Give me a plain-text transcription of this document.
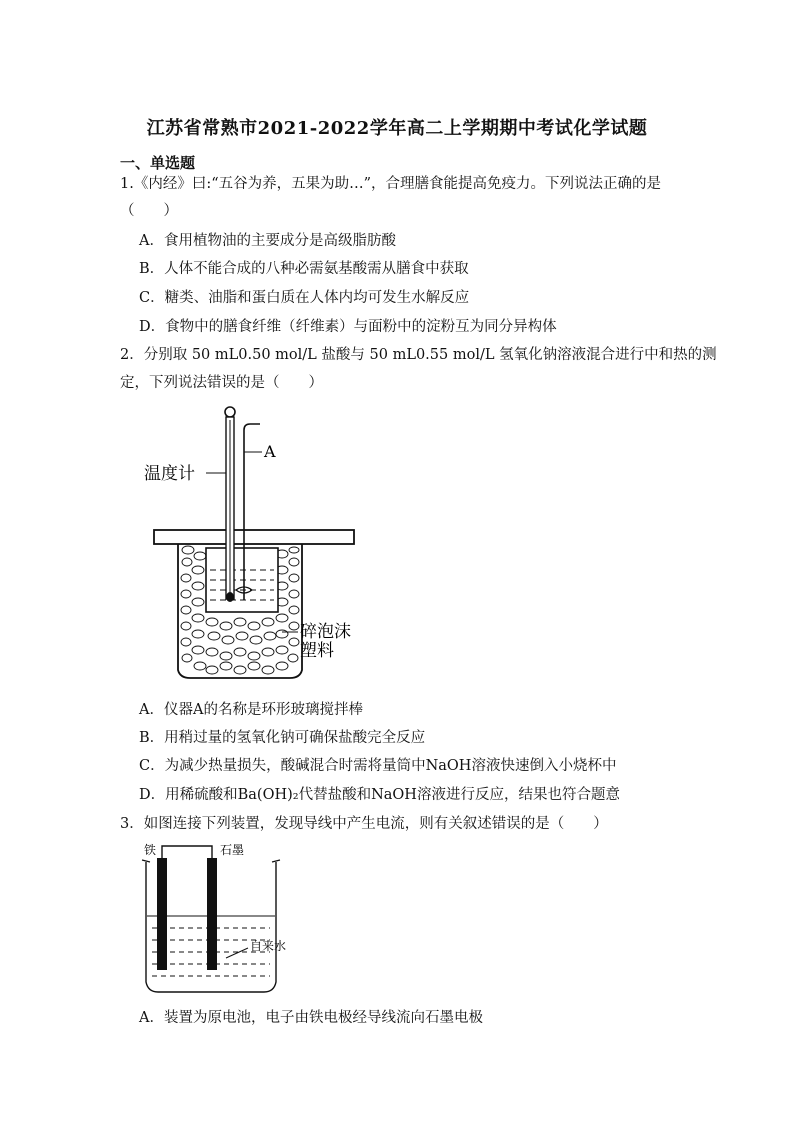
江苏省常熟市2021-2022学年高二上学期期中考试化学试题
一、单选题
1.《内经》曰:“五谷为养，五果为助…”，合理膳食能提高免疫力。下列说法正确的是
（　　）
A．食用植物油的主要成分是高级脂肪酸
B．人体不能合成的八种必需氨基酸需从膳食中获取
C．糖类、油脂和蛋白质在人体内均可发生水解反应
D．食物中的膳食纤维（纤维素）与面粉中的淀粉互为同分异构体
2．分别取 50 mL0.50 mol/L 盐酸与 50 mL0.55 mol/L 氢氧化钠溶液混合进行中和热的测
定，下列说法错误的是（　　）
A
温度计
碎泡沫
塑料
A．仪器A的名称是环形玻璃搅拌棒
B．用稍过量的氢氧化钠可确保盐酸完全反应
C．为减少热量损失，酸碱混合时需将量筒中NaOH溶液快速倒入小烧杯中
D．用稀硫酸和Ba(OH)₂代替盐酸和NaOH溶液进行反应，结果也符合题意
3．如图连接下列装置，发现导线中产生电流，则有关叙述错误的是（　　）
铁	石墨
自来水
A．装置为原电池，电子由铁电极经导线流向石墨电极
